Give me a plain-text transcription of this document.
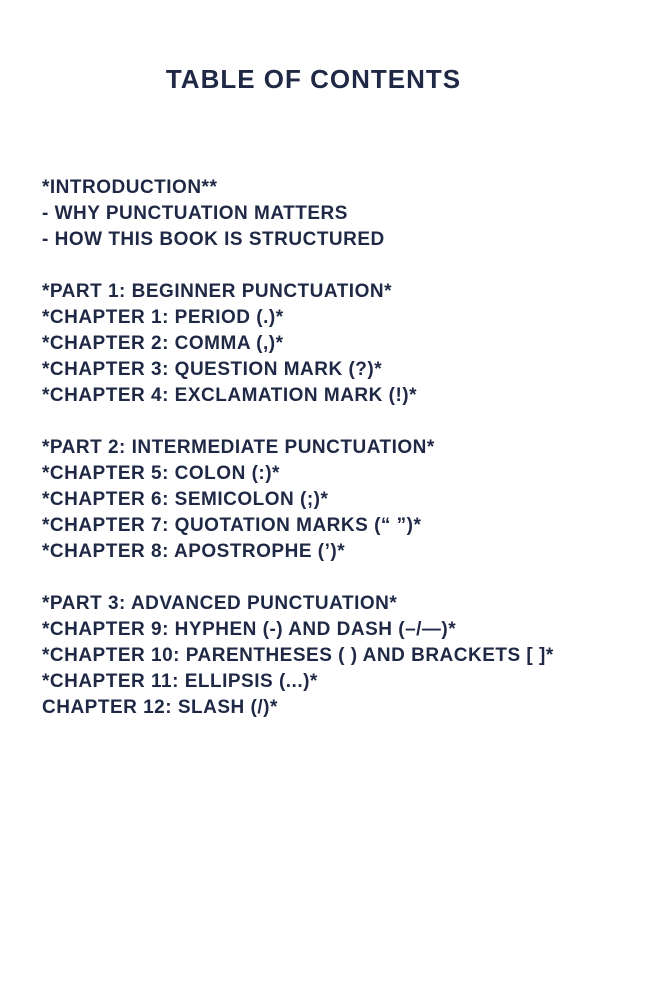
TABLE OF CONTENTS

*INTRODUCTION**

- WHY PUNCTUATION MATTERS

- HOW THIS BOOK IS STRUCTURED

*PART 1: BEGINNER PUNCTUATION*

*CHAPTER 1: PERIOD (.)*

*CHAPTER 2: COMMA (,)*

*CHAPTER 3: QUESTION MARK (?)*

*CHAPTER 4: EXCLAMATION MARK (!)*

*PART 2: INTERMEDIATE PUNCTUATION*

*CHAPTER 5: COLON (:)*

*CHAPTER 6: SEMICOLON (;)*

*CHAPTER 7: QUOTATION MARKS (“ ”)*

*CHAPTER 8: APOSTROPHE (’)*

*PART 3: ADVANCED PUNCTUATION*

*CHAPTER 9: HYPHEN (-) AND DASH (–/—)*

*CHAPTER 10: PARENTHESES ( ) AND BRACKETS [ ]*

*CHAPTER 11: ELLIPSIS (...)*

CHAPTER 12: SLASH (/)*
